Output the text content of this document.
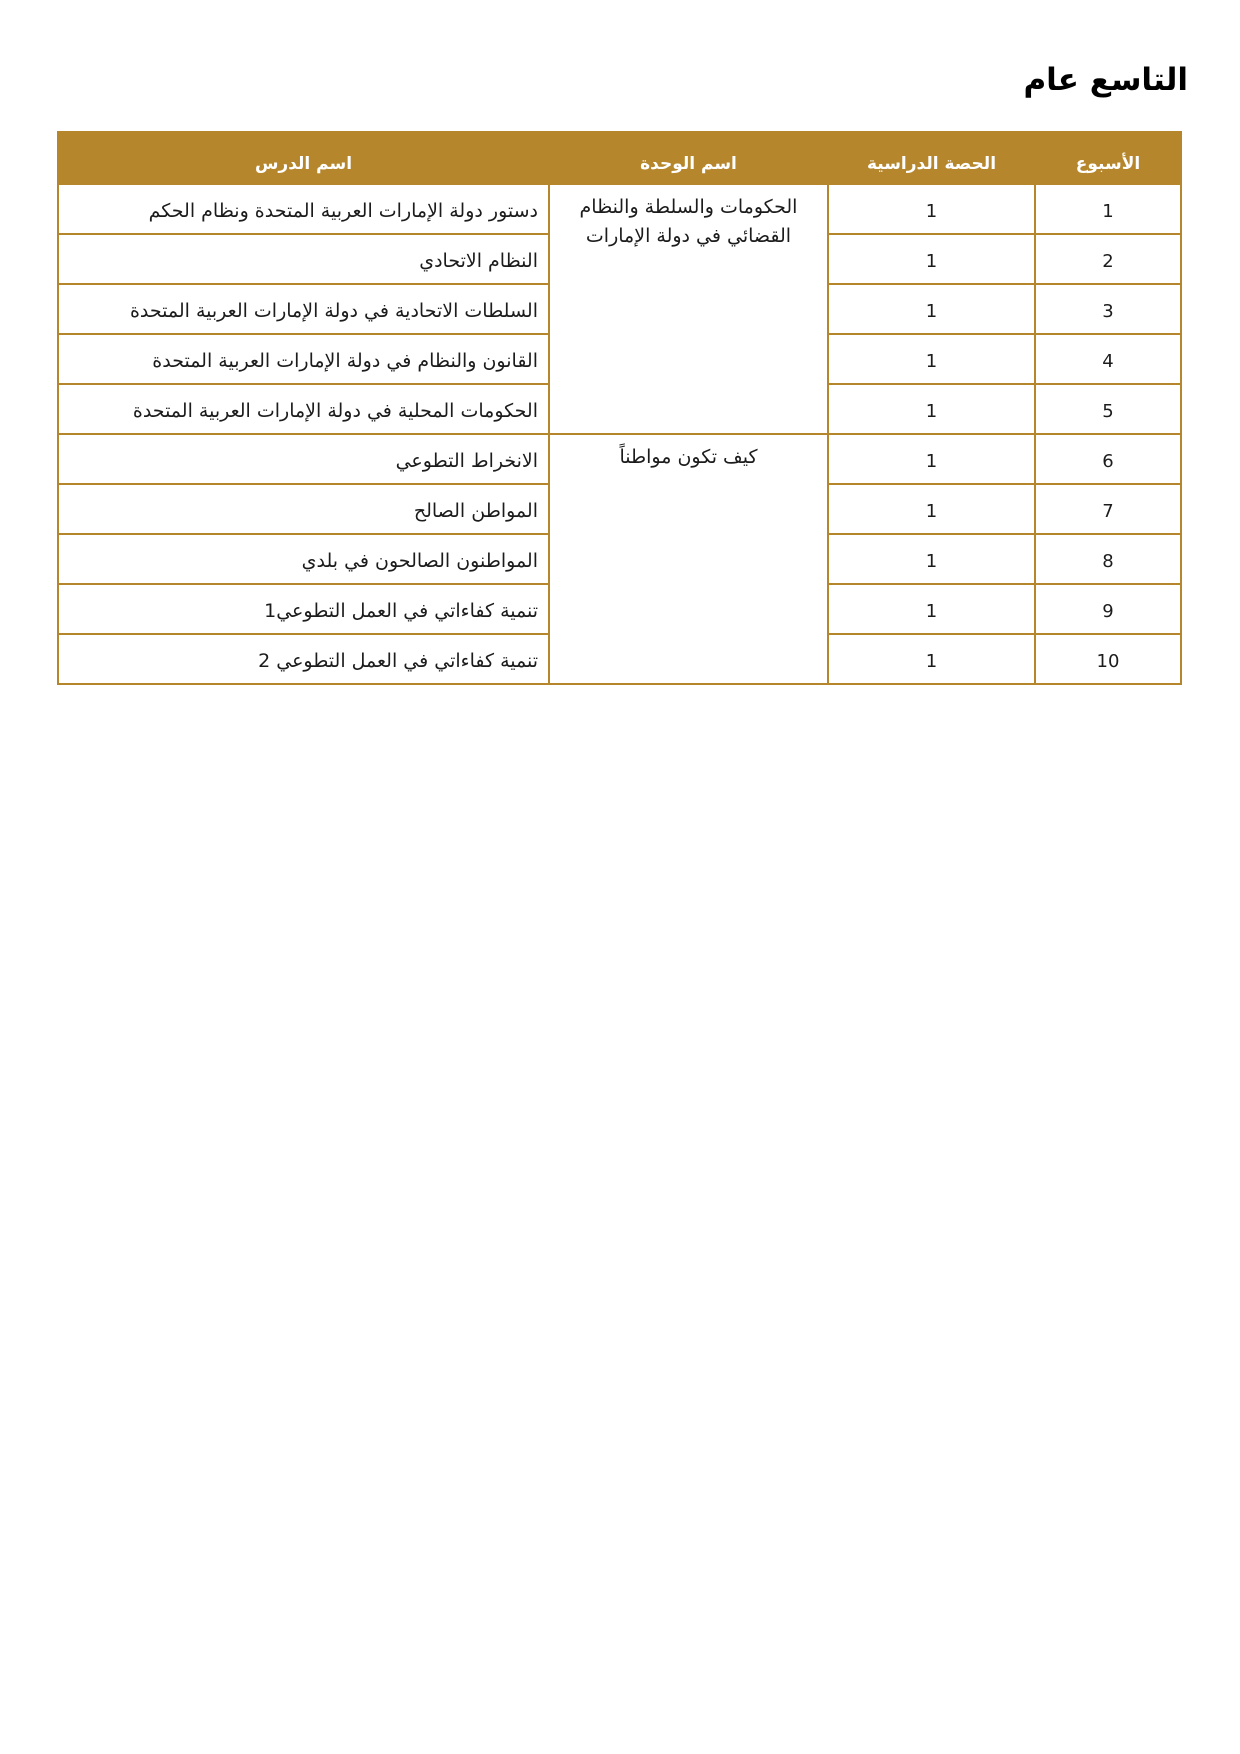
التاسع عام
الأسبوع	الحصة الدراسية	اسم الوحدة	اسم الدرس
1	1	الحكومات والسلطة والنظام القضائي في دولة الإمارات	دستور دولة الإمارات العربية المتحدة ونظام الحكم
2	1		النظام الاتحادي
3	1		السلطات الاتحادية في دولة الإمارات العربية المتحدة
4	1		القانون والنظام في دولة الإمارات العربية المتحدة
5	1		الحكومات المحلية في دولة الإمارات العربية المتحدة
6	1	كيف تكون مواطناً	الانخراط التطوعي
7	1		المواطن الصالح
8	1		المواطنون الصالحون في بلدي
9	1		تنمية كفاءاتي في العمل التطوعي1
10	1		تنمية كفاءاتي في العمل التطوعي 2
